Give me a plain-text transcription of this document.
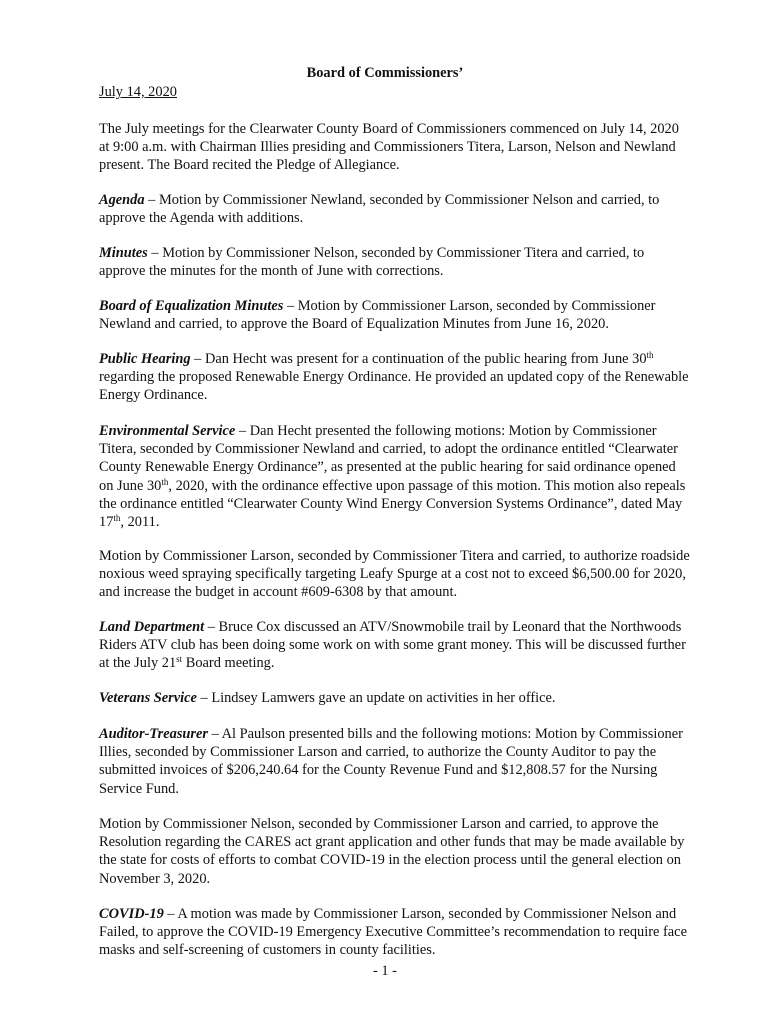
Board of Commissioners’
July 14, 2020

The July meetings for the Clearwater County Board of Commissioners commenced on July 14, 2020 at 9:00 a.m. with Chairman Illies presiding and Commissioners Titera, Larson, Nelson and Newland present. The Board recited the Pledge of Allegiance.

Agenda – Motion by Commissioner Newland, seconded by Commissioner Nelson and carried, to approve the Agenda with additions.

Minutes – Motion by Commissioner Nelson, seconded by Commissioner Titera and carried, to approve the minutes for the month of June with corrections.

Board of Equalization Minutes – Motion by Commissioner Larson, seconded by Commissioner Newland and carried, to approve the Board of Equalization Minutes from June 16, 2020.

Public Hearing – Dan Hecht was present for a continuation of the public hearing from June 30th regarding the proposed Renewable Energy Ordinance. He provided an updated copy of the Renewable Energy Ordinance.

Environmental Service – Dan Hecht presented the following motions: Motion by Commissioner Titera, seconded by Commissioner Newland and carried, to adopt the ordinance entitled “Clearwater County Renewable Energy Ordinance”, as presented at the public hearing for said ordinance opened on June 30th, 2020, with the ordinance effective upon passage of this motion. This motion also repeals the ordinance entitled “Clearwater County Wind Energy Conversion Systems Ordinance”, dated May 17th, 2011.

Motion by Commissioner Larson, seconded by Commissioner Titera and carried, to authorize roadside noxious weed spraying specifically targeting Leafy Spurge at a cost not to exceed $6,500.00 for 2020, and increase the budget in account #609-6308 by that amount.

Land Department – Bruce Cox discussed an ATV/Snowmobile trail by Leonard that the Northwoods Riders ATV club has been doing some work on with some grant money. This will be discussed further at the July 21st Board meeting.

Veterans Service – Lindsey Lamwers gave an update on activities in her office.

Auditor-Treasurer – Al Paulson presented bills and the following motions: Motion by Commissioner Illies, seconded by Commissioner Larson and carried, to authorize the County Auditor to pay the submitted invoices of $206,240.64 for the County Revenue Fund and $12,808.57 for the Nursing Service Fund.

Motion by Commissioner Nelson, seconded by Commissioner Larson and carried, to approve the Resolution regarding the CARES act grant application and other funds that may be made available by the state for costs of efforts to combat COVID-19 in the election process until the general election on November 3, 2020.

COVID-19 – A motion was made by Commissioner Larson, seconded by Commissioner Nelson and Failed, to approve the COVID-19 Emergency Executive Committee’s recommendation to require face masks and self-screening of customers in county facilities.

- 1 -
